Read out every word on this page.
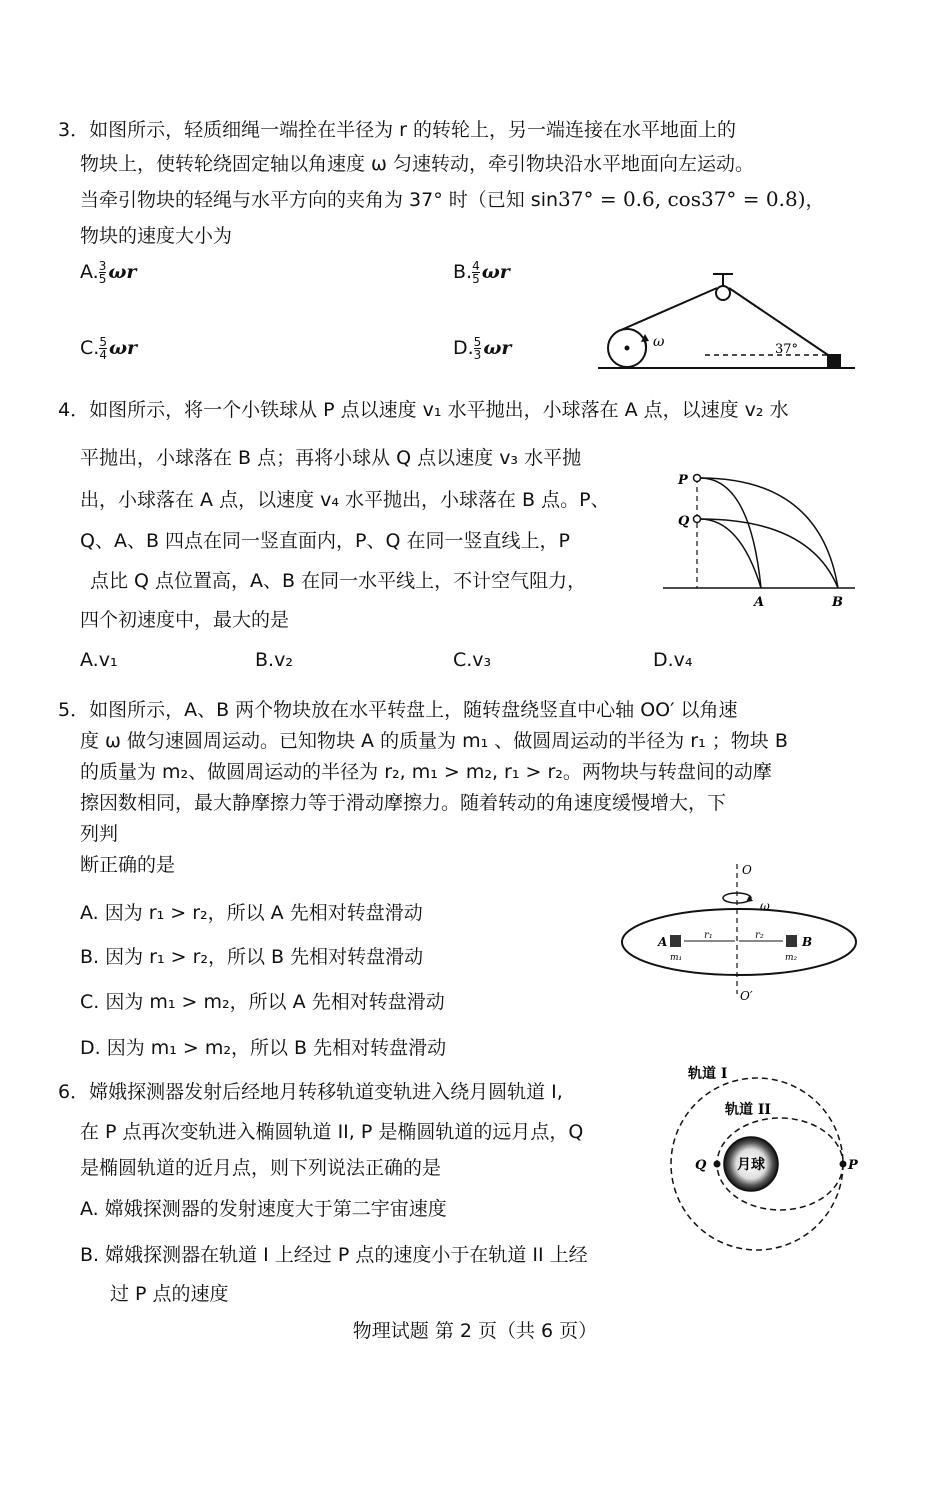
3．如图所示，轻质细绳一端拴在半径为 r 的转轮上，另一端连接在水平地面上的
物块上，使转轮绕固定轴以角速度 ω 匀速转动，牵引物块沿水平地面向左运动。
当牵引物块的轻绳与水平方向的夹角为 37° 时（已知 sin37° = 0.6, cos37° = 0.8)，
物块的速度大小为
A. $\frac{3}{5}$ ωr	B. $\frac{4}{5}$ ωr
C. $\frac{5}{4}$ ωr	D. $\frac{5}{3}$ ωr	ω	37°
4．如图所示，将一个小铁球从 P 点以速度 v₁ 水平抛出，小球落在 A 点，以速度 v₂ 水
平抛出，小球落在 B 点；再将小球从 Q 点以速度 v₃ 水平抛
出，小球落在 A 点，以速度 v₄ 水平抛出，小球落在 B 点。P、
Q、A、B 四点在同一竖直面内，P、Q 在同一竖直线上，P
点比 Q 点位置高，A、B 在同一水平线上，不计空气阻力，
四个初速度中，最大的是
A.v₁	B.v₂	C.v₃	D.v₄
P
Q
A	B
5．如图所示，A、B 两个物块放在水平转盘上，随转盘绕竖直中心轴 OO′ 以角速
度 ω 做匀速圆周运动。已知物块 A 的质量为 m₁ 、做圆周运动的半径为 r₁ ；物块 B
的质量为 m₂、做圆周运动的半径为 r₂, m₁ > m₂, r₁ > r₂。两物块与转盘间的动摩
擦因数相同，最大静摩擦力等于滑动摩擦力。随着转动的角速度缓慢增大，下
列判
断正确的是
A. 因为 r₁ > r₂，所以 A 先相对转盘滑动
B. 因为 r₁ > r₂，所以 B 先相对转盘滑动
C. 因为 m₁ > m₂，所以 A 先相对转盘滑动
D. 因为 m₁ > m₂，所以 B 先相对转盘滑动
O
ω
O′
A	B
r₁	r₂
m₁	m₂
6．嫦娥探测器发射后经地月转移轨道变轨进入绕月圆轨道 I,
在 P 点再次变轨进入椭圆轨道 II, P 是椭圆轨道的远月点，Q
是椭圆轨道的近月点，则下列说法正确的是
A. 嫦娥探测器的发射速度大于第二宇宙速度
B. 嫦娥探测器在轨道 I 上经过 P 点的速度小于在轨道 II 上经
过 P 点的速度
月球
Q	P
轨道 I
轨道 II
物理试题 第 2 页（共 6 页）
